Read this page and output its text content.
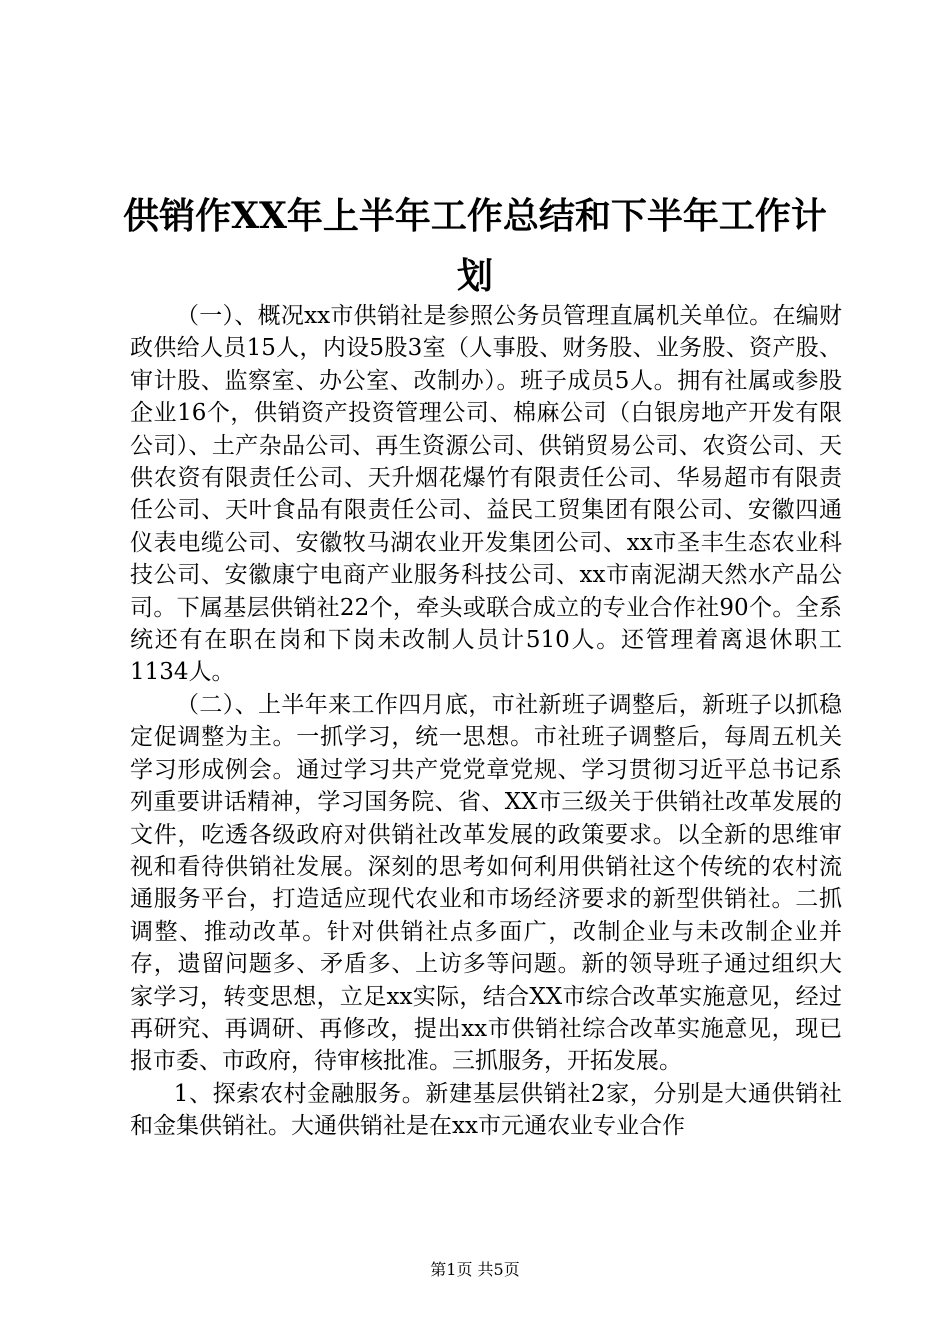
供销作XX年上半年工作总结和下半年工作计划

（一）、概况xx市供销社是参照公务员管理直属机关单位。在编财政供给人员15人，内设5股3室（人事股、财务股、业务股、资产股、审计股、监察室、办公室、改制办）。班子成员5人。拥有社属或参股企业16个，供销资产投资管理公司、棉麻公司（白银房地产开发有限公司）、土产杂品公司、再生资源公司、供销贸易公司、农资公司、天供农资有限责任公司、天升烟花爆竹有限责任公司、华易超市有限责任公司、天叶食品有限责任公司、益民工贸集团有限公司、安徽四通仪表电缆公司、安徽牧马湖农业开发集团公司、xx市圣丰生态农业科技公司、安徽康宁电商产业服务科技公司、xx市南泥湖天然水产品公司。下属基层供销社22个，牵头或联合成立的专业合作社90个。全系统还有在职在岗和下岗未改制人员计510人。还管理着离退休职工1134人。

（二）、上半年来工作四月底，市社新班子调整后，新班子以抓稳定促调整为主。一抓学习，统一思想。市社班子调整后，每周五机关学习形成例会。通过学习共产党党章党规、学习贯彻习近平总书记系列重要讲话精神，学习国务院、省、XX市三级关于供销社改革发展的文件，吃透各级政府对供销社改革发展的政策要求。以全新的思维审视和看待供销社发展。深刻的思考如何利用供销社这个传统的农村流通服务平台，打造适应现代农业和市场经济要求的新型供销社。二抓调整、推动改革。针对供销社点多面广，改制企业与未改制企业并存，遗留问题多、矛盾多、上访多等问题。新的领导班子通过组织大家学习，转变思想，立足xx实际，结合XX市综合改革实施意见，经过再研究、再调研、再修改，提出xx市供销社综合改革实施意见，现已报市委、市政府，待审核批准。三抓服务，开拓发展。

1、探索农村金融服务。新建基层供销社2家，分别是大通供销社和金集供销社。大通供销社是在xx市元通农业专业合作

第1页 共5页
